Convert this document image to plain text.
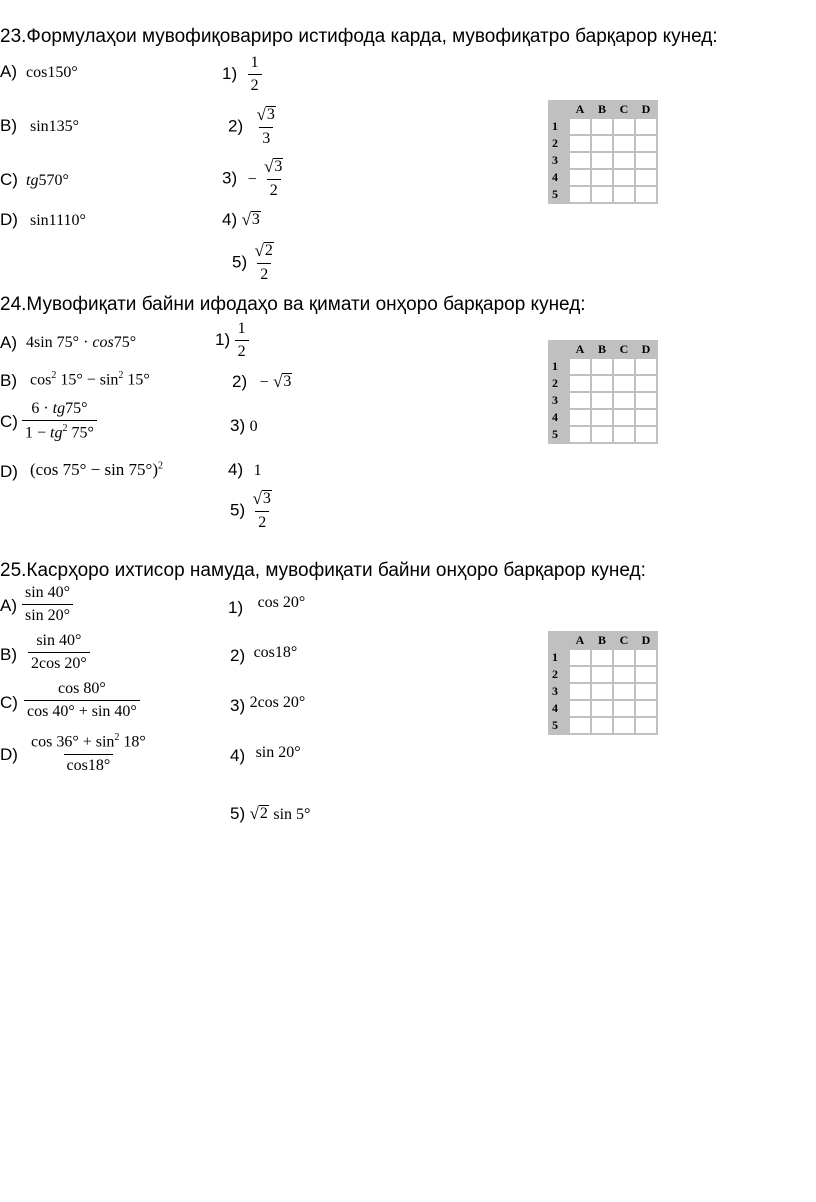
23.Формулаҳои мувофиқовариро истифода карда, мувофиқатро барқарор кунед:
A) cos150°
B) sin135°
C) tg570°
D) sin1110°
$1) \frac{1}{2}$
$2) \frac{√ 3}{3}$
$3) - \frac{√ 3}{2}$
4) √ 3
$5) \frac{√ 2}{2}$
	A	B	C	D
1				
2				
3				
4				
5				
24.Мувофиқати байни ифодаҳо ва қимати онҳоро барқарор кунед:
A) 4sin 75° · cos75°
B) $\cos^2 15^\circ - \sin^2 15^\circ$
$C) \frac{6 \cdot tg75^\circ}{1 - tg^2 75^\circ}$
D) (cos 75° − sin 75°)$^2$
$1) \frac{1}{2}$
2) − √ 3
3) 0
4) 1
$5) \frac{√ 3}{2}$
	A	B	C	D
1				
2				
3				
4				
5				
25.Касрҳоро ихтисор намуда, мувофиқати байни онҳоро барқарор кунед:
$A) \frac{\sin 40^\circ}{\sin 20^\circ}$
$B) \frac{\sin 40^\circ}{2\cos 20^\circ}$
$C) \frac{\cos 80^\circ}{\cos 40^\circ + \sin 40^\circ}$
$D) \frac{\cos 36^\circ + \sin^2 18^\circ}{\cos 18^\circ}$
1) cos 20°
2) cos18°
3) 2cos 20°
4) sin 20°
5) √ 2 sin 5°
	A	B	C	D
1				
2				
3				
4				
5				
